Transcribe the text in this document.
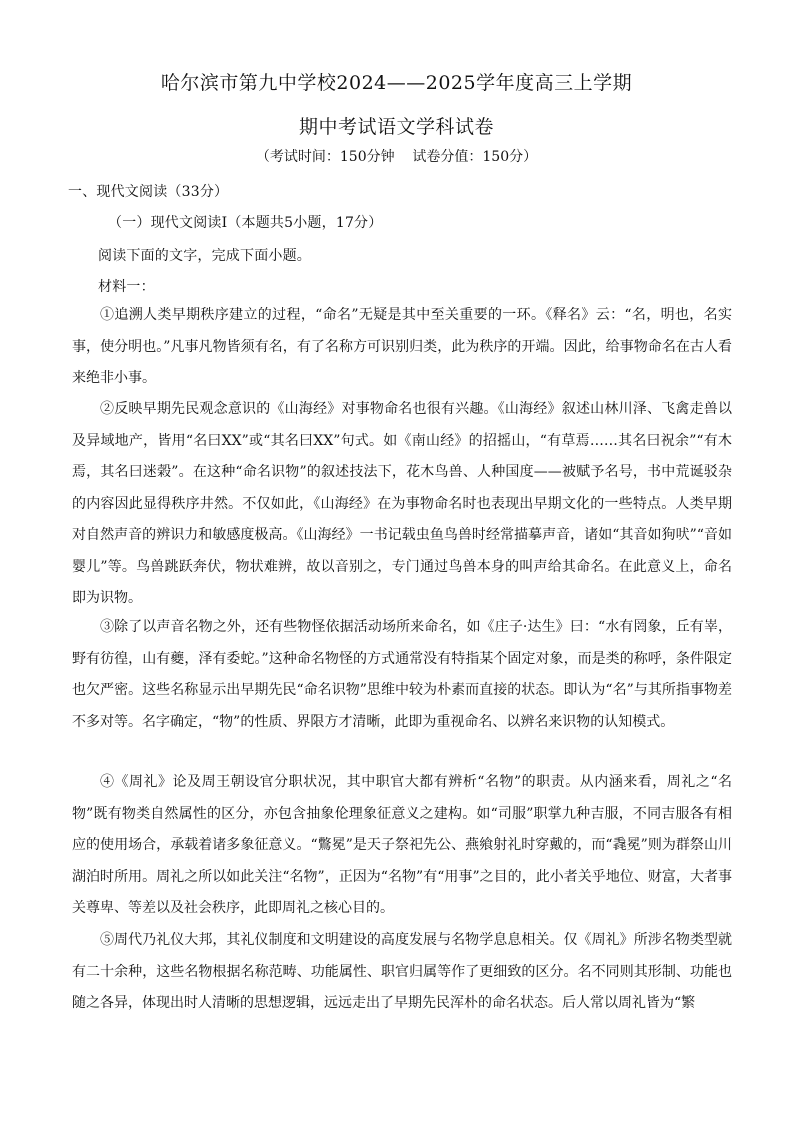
哈尔滨市第九中学校2024——2025学年度高三上学期
期中考试语文学科试卷
（考试时间：150分钟    试卷分值：150分）
一、现代文阅读（33分）
（一）现代文阅读Ⅰ（本题共5小题，17分）
阅读下面的文字，完成下面小题。
材料一：
①追溯人类早期秩序建立的过程，“命名”无疑是其中至关重要的一环。《释名》云：“名，明也，名实事，使分明也。”凡事凡物皆须有名，有了名称方可识别归类，此为秩序的开端。因此，给事物命名在古人看来绝非小事。
②反映早期先民观念意识的《山海经》对事物命名也很有兴趣。《山海经》叙述山林川泽、飞禽走兽以及异域地产，皆用“名曰XX”或“其名曰XX”句式。如《南山经》的招摇山，“有草焉……其名曰祝余”“有木焉，其名曰迷榖”。在这种“命名识物”的叙述技法下，花木鸟兽、人种国度——被赋予名号，书中荒诞驳杂的内容因此显得秩序井然。不仅如此，《山海经》在为事物命名时也表现出早期文化的一些特点。人类早期对自然声音的辨识力和敏感度极高。《山海经》一书记载虫鱼鸟兽时经常描摹声音，诸如“其音如狗吠”“音如婴儿”等。鸟兽跳跃奔伏，物状难辨，故以音别之，专门通过鸟兽本身的叫声给其命名。在此意义上，命名即为识物。
③除了以声音名物之外，还有些物怪依据活动场所来命名，如《庄子·达生》曰：“水有罔象，丘有峷，野有彷徨，山有夔，泽有委蛇。”这种命名物怪的方式通常没有特指某个固定对象，而是类的称呼，条件限定也欠严密。这些名称显示出早期先民“命名识物”思维中较为朴素而直接的状态。即认为“名”与其所指事物差不多对等。名字确定，“物”的性质、界限方才清晰，此即为重视命名、以辨名来识物的认知模式。
④《周礼》论及周王朝设官分职状况，其中职官大都有辨析“名物”的职责。从内涵来看，周礼之“名物”既有物类自然属性的区分，亦包含抽象伦理象征意义之建构。如“司服”职掌九种吉服，不同吉服各有相应的使用场合，承载着诸多象征意义。“鷩冕”是天子祭祀先公、燕飨射礼时穿戴的，而“毳冕”则为群祭山川湖泊时所用。周礼之所以如此关注“名物”，正因为“名物”有“用事”之目的，此小者关乎地位、财富，大者事关尊卑、等差以及社会秩序，此即周礼之核心目的。
⑤周代乃礼仪大邦，其礼仪制度和文明建设的高度发展与名物学息息相关。仅《周礼》所涉名物类型就有二十余种，这些名物根据名称范畴、功能属性、职官归属等作了更细致的区分。名不同则其形制、功能也随之各异，体现出时人清晰的思想逻辑，远远走出了早期先民浑朴的命名状态。后人常以周礼皆为“繁
